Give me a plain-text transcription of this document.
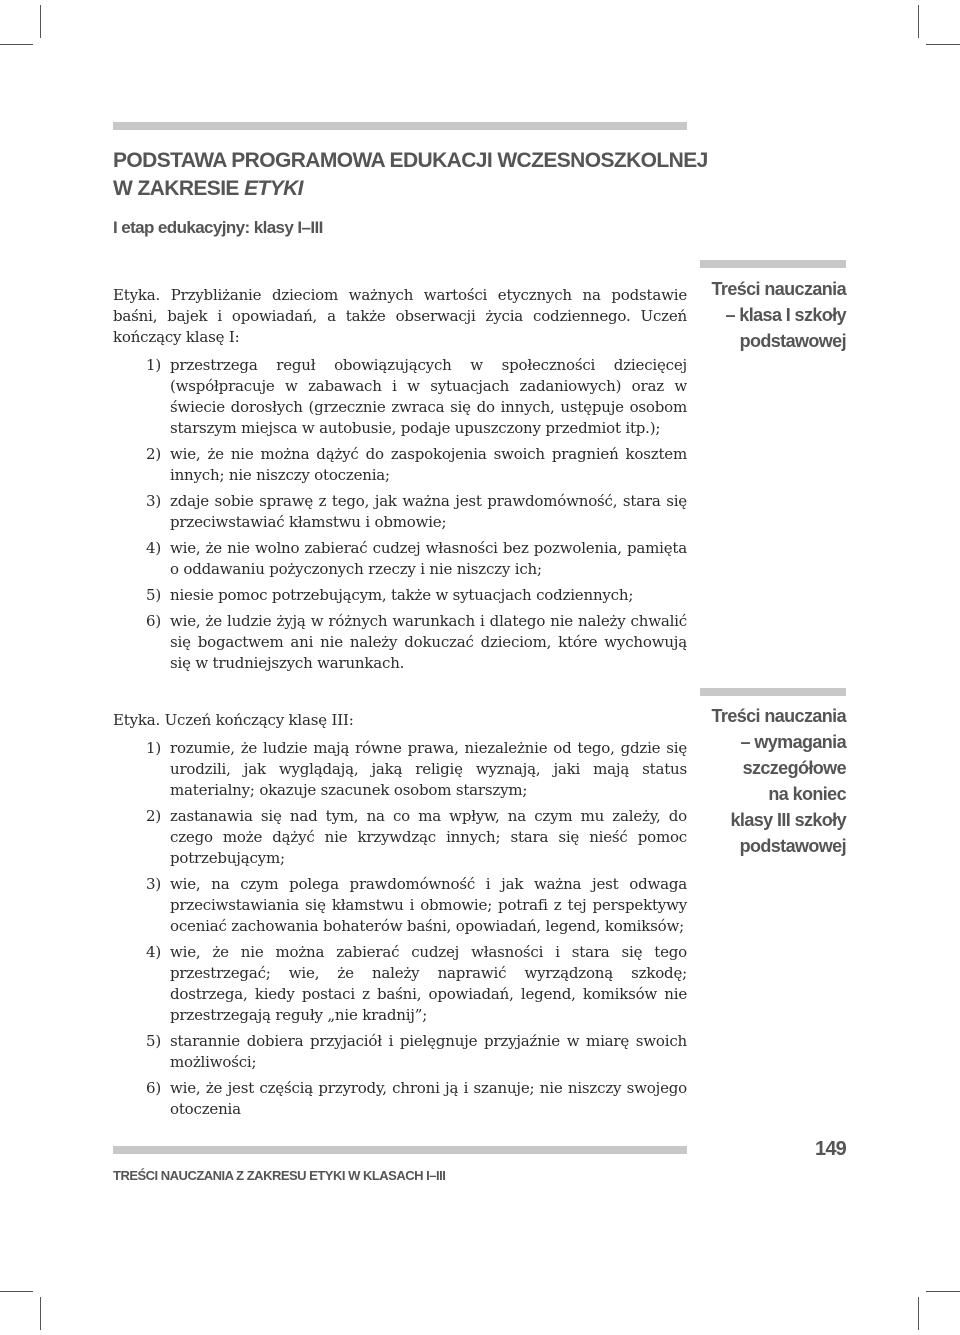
PODSTAWA PROGRAMOWA EDUKACJI WCZESNOSZKOLNEJ
W ZAKRESIE ETYKI
I etap edukacyjny: klasy I–III
Treści nauczania
– klasa I szkoły
podstawowej

Etyka. Przybliżanie dzieciom ważnych wartości etycznych na podstawie baśni, bajek i opowiadań, a także obserwacji życia codziennego. Uczeń kończący klasę I:

1) przestrzega reguł obowiązujących w społeczności dziecięcej (współpracuje w zabawach i w sytuacjach zadaniowych) oraz w świecie dorosłych (grzecznie zwraca się do innych, ustępuje osobom starszym miejsca w autobusie, podaje upuszczony przedmiot itp.);
2) wie, że nie można dążyć do zaspokojenia swoich pragnień kosztem innych; nie niszczy otoczenia;
3) zdaje sobie sprawę z tego, jak ważna jest prawdomówność, stara się przeciwstawiać kłamstwu i obmowie;
4) wie, że nie wolno zabierać cudzej własności bez pozwolenia, pamięta o oddawaniu pożyczonych rzeczy i nie niszczy ich;
5) niesie pomoc potrzebującym, także w sytuacjach codziennych;
6) wie, że ludzie żyją w różnych warunkach i dlatego nie należy chwalić się bogactwem ani nie należy dokuczać dzieciom, które wychowują się w trudniejszych warunkach.
Treści nauczania
– wymagania
szczegółowe
na koniec
klasy III szkoły
podstawowej

Etyka. Uczeń kończący klasę III:

1) rozumie, że ludzie mają równe prawa, niezależnie od tego, gdzie się urodzili, jak wyglądają, jaką religię wyznają, jaki mają status materialny; okazuje szacunek osobom starszym;
2) zastanawia się nad tym, na co ma wpływ, na czym mu zależy, do czego może dążyć nie krzywdząc innych; stara się nieść pomoc potrzebującym;
3) wie, na czym polega prawdomówność i jak ważna jest odwaga przeciwstawiania się kłamstwu i obmowie; potrafi z tej perspektywy oceniać zachowania bohaterów baśni, opowiadań, legend, komiksów;
4) wie, że nie można zabierać cudzej własności i stara się tego przestrzegać; wie, że należy naprawić wyrządzoną szkodę; dostrzega, kiedy postaci z baśni, opowiadań, legend, komiksów nie przestrzegają reguły „nie kradnij”;
5) starannie dobiera przyjaciół i pielęgnuje przyjaźnie w miarę swoich możliwości;
6) wie, że jest częścią przyrody, chroni ją i szanuje; nie niszczy swojego otoczenia
TREŚCI NAUCZANIA Z ZAKRESU ETYKI W KLASACH I–III
149
